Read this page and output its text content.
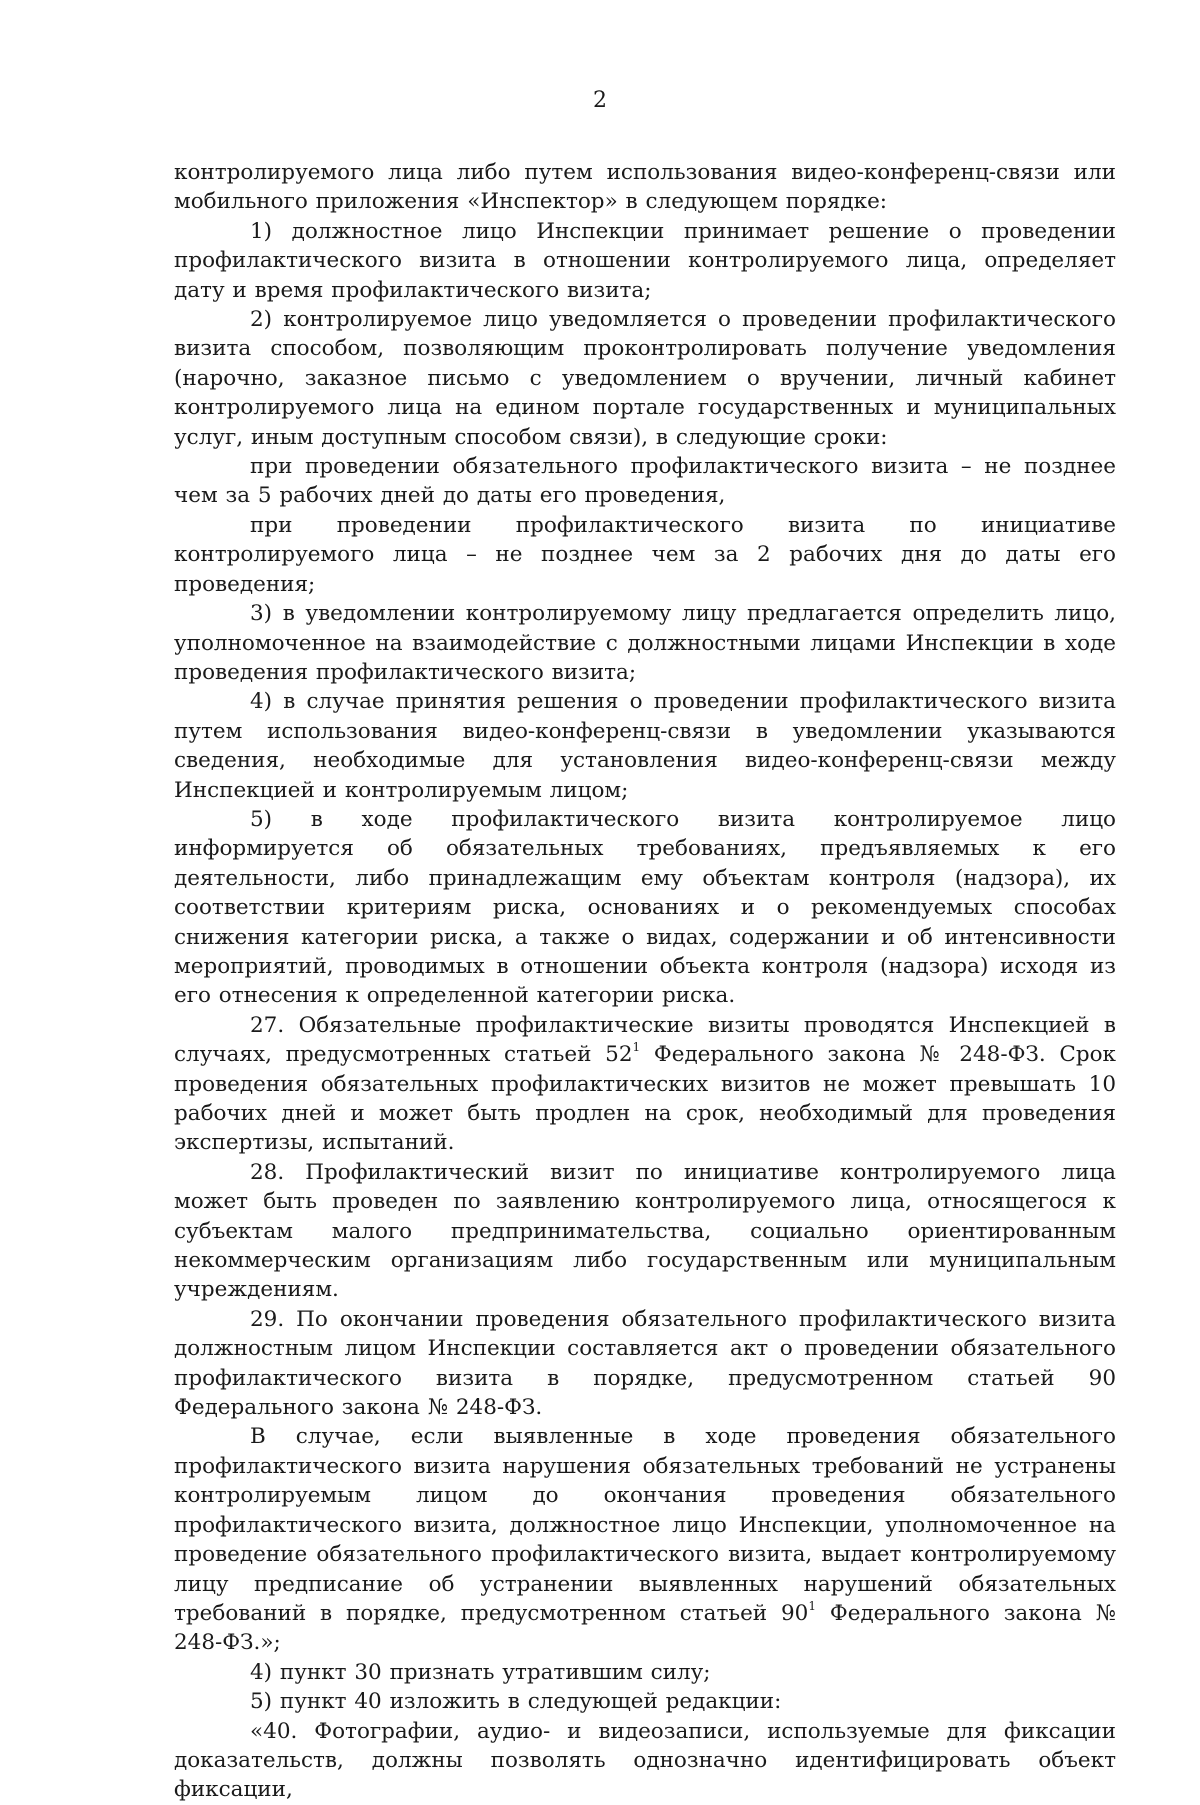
2

контролируемого лица либо путем использования видео-конференц-связи или мобильного приложения «Инспектор» в следующем порядке:

1) должностное лицо Инспекции принимает решение о проведении профилактического визита в отношении контролируемого лица, определяет дату и время профилактического визита;

2) контролируемое лицо уведомляется о проведении профилактического визита способом, позволяющим проконтролировать получение уведомления (нарочно, заказное письмо с уведомлением о вручении, личный кабинет контролируемого лица на едином портале государственных и муниципальных услуг, иным доступным способом связи), в следующие сроки:

при проведении обязательного профилактического визита – не позднее чем за 5 рабочих дней до даты его проведения,

при проведении профилактического визита по инициативе контролируемого лица – не позднее чем за 2 рабочих дня до даты его проведения;

3) в уведомлении контролируемому лицу предлагается определить лицо, уполномоченное на взаимодействие с должностными лицами Инспекции в ходе проведения профилактического визита;

4) в случае принятия решения о проведении профилактического визита путем использования видео-конференц-связи в уведомлении указываются сведения, необходимые для установления видео-конференц-связи между Инспекцией и контролируемым лицом;

5) в ходе профилактического визита контролируемое лицо информируется об обязательных требованиях, предъявляемых к его деятельности, либо принадлежащим ему объектам контроля (надзора), их соответствии критериям риска, основаниях и о рекомендуемых способах снижения категории риска, а также о видах, содержании и об интенсивности мероприятий, проводимых в отношении объекта контроля (надзора) исходя из его отнесения к определенной категории риска.

27. Обязательные профилактические визиты проводятся Инспекцией в случаях, предусмотренных статьей $52^1$ Федерального закона № 248-ФЗ. Срок проведения обязательных профилактических визитов не может превышать 10 рабочих дней и может быть продлен на срок, необходимый для проведения экспертизы, испытаний.

28. Профилактический визит по инициативе контролируемого лица может быть проведен по заявлению контролируемого лица, относящегося к субъектам малого предпринимательства, социально ориентированным некоммерческим организациям либо государственным или муниципальным учреждениям.

29. По окончании проведения обязательного профилактического визита должностным лицом Инспекции составляется акт о проведении обязательного профилактического визита в порядке, предусмотренном статьей 90 Федерального закона № 248-ФЗ.

В случае, если выявленные в ходе проведения обязательного профилактического визита нарушения обязательных требований не устранены контролируемым лицом до окончания проведения обязательного профилактического визита, должностное лицо Инспекции, уполномоченное на проведение обязательного профилактического визита, выдает контролируемому лицу предписание об устранении выявленных нарушений обязательных требований в порядке, предусмотренном статьей $90^1$ Федерального закона № 248-ФЗ.»;

4) пункт 30 признать утратившим силу;

5) пункт 40 изложить в следующей редакции:

«40. Фотографии, аудио- и видеозаписи, используемые для фиксации доказательств, должны позволять однозначно идентифицировать объект фиксации,
